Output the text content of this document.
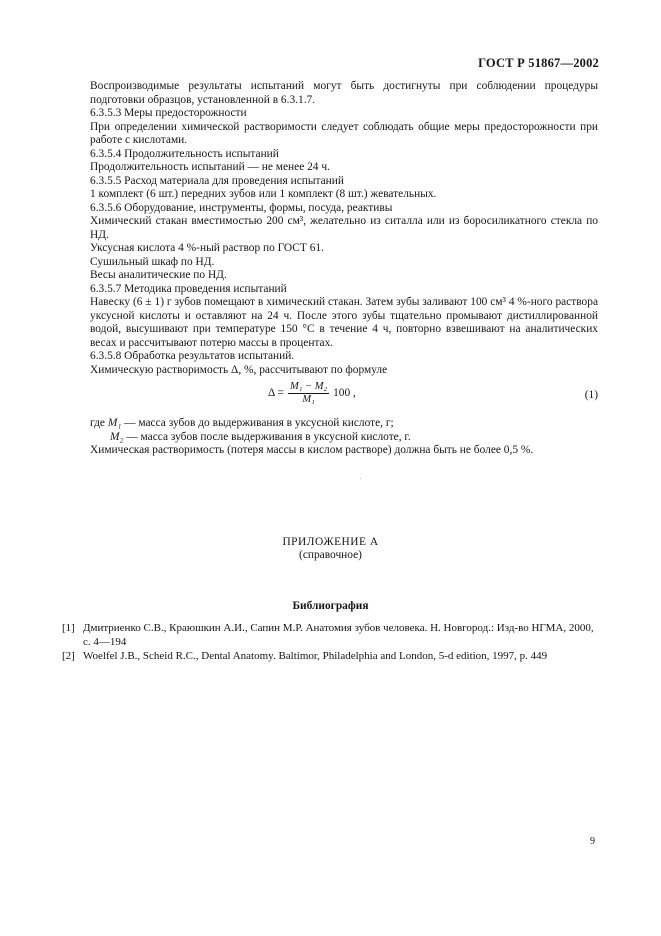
ГОСТ Р 51867—2002

Воспроизводимые результаты испытаний могут быть достигнуты при соблюдении процедуры подготовки образцов, установленной в 6.3.1.7.

6.3.5.3 Меры предосторожности

При определении химической растворимости следует соблюдать общие меры предосторожности при работе с кислотами.

6.3.5.4 Продолжительность испытаний

Продолжительность испытаний — не менее 24 ч.

6.3.5.5 Расход материала для проведения испытаний

1 комплект (6 шт.) передних зубов или 1 комплект (8 шт.) жевательных.

6.3.5.6 Оборудование, инструменты, формы, посуда, реактивы

Химический стакан вместимостью 200 см³, желательно из ситалла или из боросиликатного стекла по НД.

Уксусная кислота 4 %-ный раствор по ГОСТ 61.

Сушильный шкаф по НД.

Весы аналитические по НД.

6.3.5.7 Методика проведения испытаний

Навеску (6 ± 1) г зубов помещают в химический стакан. Затем зубы заливают 100 см³ 4 %-ного раствора уксусной кислоты и оставляют на 24 ч. После этого зубы тщательно промывают дистиллированной водой, высушивают при температуре 150 °С в течение 4 ч, повторно взвешивают на аналитических весах и рассчитывают потерю массы в процентах.

6.3.5.8 Обработка результатов испытаний.

Химическую растворимость Δ, %, рассчитывают по формуле

$\Delta = \frac{\text{M₁ − M₂}}{\text{M₁}} 100$ ,	(1)

где M₁ — масса зубов до выдерживания в уксусной кислоте, г;

M₂ — масса зубов после выдерживания в уксусной кислоте, г.

Химическая растворимость (потеря массы в кислом растворе) должна быть не более 0,5 %.

ПРИЛОЖЕНИЕ А
(справочное)
Библиография
[1] Дмитриенко С.В., Краюшкин А.И., Сапин М.Р. Анатомия зубов человека. Н. Новгород.: Изд-во НГМА, 2000, с. 4—194
[2] Woelfel J.B., Scheid R.C., Dental Anatomy. Baltimor, Philadelphia and London, 5-d edition, 1997, p. 449
9
